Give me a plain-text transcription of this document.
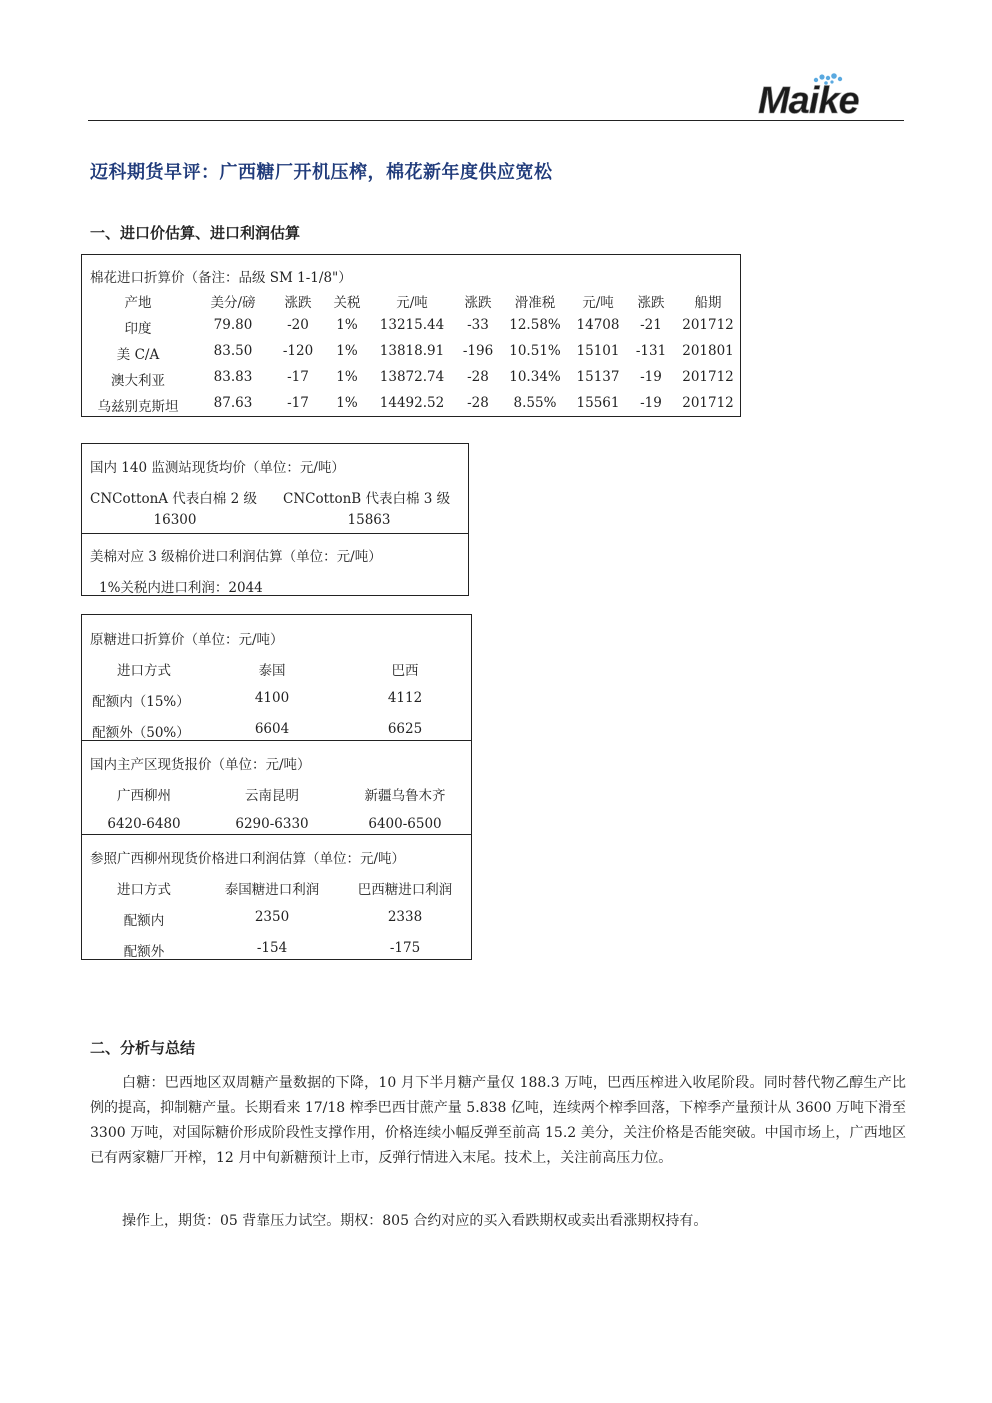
Maike
迈科期货早评：广西糖厂开机压榨，棉花新年度供应宽松
一、进口价估算、进口利润估算
棉花进口折算价（备注：品级 SM 1-1/8"）
产地	美分/磅 涨跌 关税	元/吨	涨跌 滑准税 元/吨 涨跌 船期
印度	79.80	-20 1% 13215.44 -33 12.58% 14708 -21 201712
美 C/A	83.50 -120 1% 13818.91 -196 10.51% 15101 -131 201801
澳大利亚	83.83	-17 1% 13872.74 -28 10.34% 15137 -19 201712
乌兹别克斯坦	87.63	-17 1% 14492.52 -28 8.55% 15561 -19 201712
国内 140 监测站现货均价（单位：元/吨）
CNCottonA 代表白棉 2 级 CNCottonB 代表白棉 3 级
16300	15863
美棉对应 3 级棉价进口利润估算（单位：元/吨）
1%关税内进口利润：2044
原糖进口折算价（单位：元/吨）
进口方式	泰国	巴西
配额内（15%）	4100	4112
配额外（50%）	6604	6625
国内主产区现货报价（单位：元/吨）
广西柳州	云南昆明	新疆乌鲁木齐
6420-6480	6290-6330	6400-6500
参照广西柳州现货价格进口利润估算（单位：元/吨）
进口方式	泰国糖进口利润	巴西糖进口利润
配额内	2350	2338
配额外	-154	-175
二、分析与总结
白糖：巴西地区双周糖产量数据的下降，10 月下半月糖产量仅 188.3 万吨，巴西压榨进入收尾阶段。同时替代物乙醇生产比例的提高，抑制糖产量。长期看来 17/18 榨季巴西甘蔗产量 5.838 亿吨，连续两个榨季回落，下榨季产量预计从 3600 万吨下滑至 3300 万吨，对国际糖价形成阶段性支撑作用，价格连续小幅反弹至前高 15.2 美分，关注价格是否能突破。中国市场上，广西地区已有两家糖厂开榨，12 月中旬新糖预计上市，反弹行情进入末尾。技术上，关注前高压力位。
操作上，期货：05 背靠压力试空。期权：805 合约对应的买入看跌期权或卖出看涨期权持有。
